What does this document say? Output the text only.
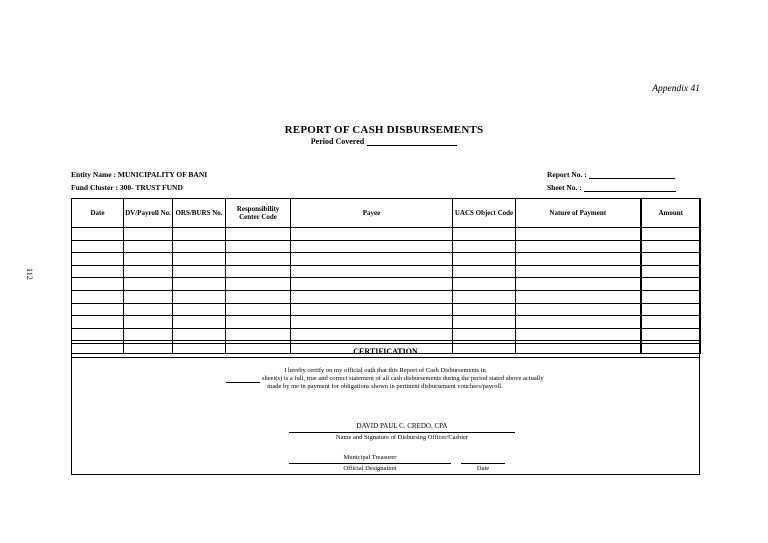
Appendix 41
REPORT OF CASH DISBURSEMENTS
Period Covered
Entity Name : MUNICIPALITY OF BANI
Fund Cluster : 300- TRUST FUND
Report No. :
Sheet No. :
112
Date	DV/Payroll No.	ORS/BURS No.	Responsibility Center Code	Payee	UACS Object Code	Nature of Payment	Amount

CERTIFICATION
I hereby certify on my official oath that this Report of Cash Disbursements in
sheet(s) is a full, true and correct statement of all cash disbursements during the period stated above actually made by me in payment for obligations shown in pertinent disbursement vouchers/payroll.
DAVID PAUL C. CREDO, CPA
Name and Signature of Disbursing Officer/Cashier
Municipal Treasurer
Official Designation	Date
